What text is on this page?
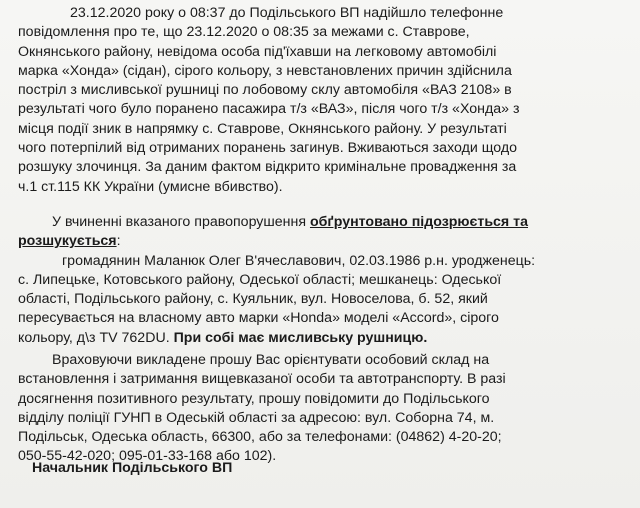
23.12.2020 року о 08:37 до Подільського ВП надійшло телефонне
повідомлення про те, що 23.12.2020 о 08:35 за межами с. Ставрове,
Окнянського району, невідома особа під'їхавши на легковому автомобілі
марка «Хонда» (сідан), сірого кольору, з невстановлених причин здійснила
постріл з мисливської рушниці по лобовому склу автомобіля «ВАЗ 2108» в
результаті чого було поранено пасажира т/з «ВАЗ», після чого т/з «Хонда» з
місця події зник в напрямку с. Ставрове, Окнянського району. У результаті
чого потерпілий від отриманих поранень загинув. Вживаються заходи щодо
розшуку злочинця. За даним фактом відкрито кримінальне провадження за
ч.1 ст.115 КК України (умисне вбивство).
У вчиненні вказаного правопорушення обґрунтовано підозрюється та
розшукується:
громадянин Маланюк Олег В'ячеславович, 02.03.1986 р.н. уродженець:
с. Липецьке, Котовського району, Одеської області; мешканець: Одеської
області, Подільського району, с. Куяльник, вул. Новоселова, б. 52, який
пересувається на власному авто марки «Honda» моделі «Accord», сірого
кольору, д\з TV 762DU. При собі має мисливську рушницю.
Враховуючи викладене прошу Вас орієнтувати особовий склад на
встановлення і затримання вищевказаної особи та автотранспорту. В разі
досягнення позитивного результату, прошу повідомити до Подільського
відділу поліції ГУНП в Одеській області за адресою: вул. Соборна 74, м.
Подільськ, Одеська область, 66300, або за телефонами: (04862) 4-20-20;
050-55-42-020; 095-01-33-168 або 102).
Начальник Подільського ВП
